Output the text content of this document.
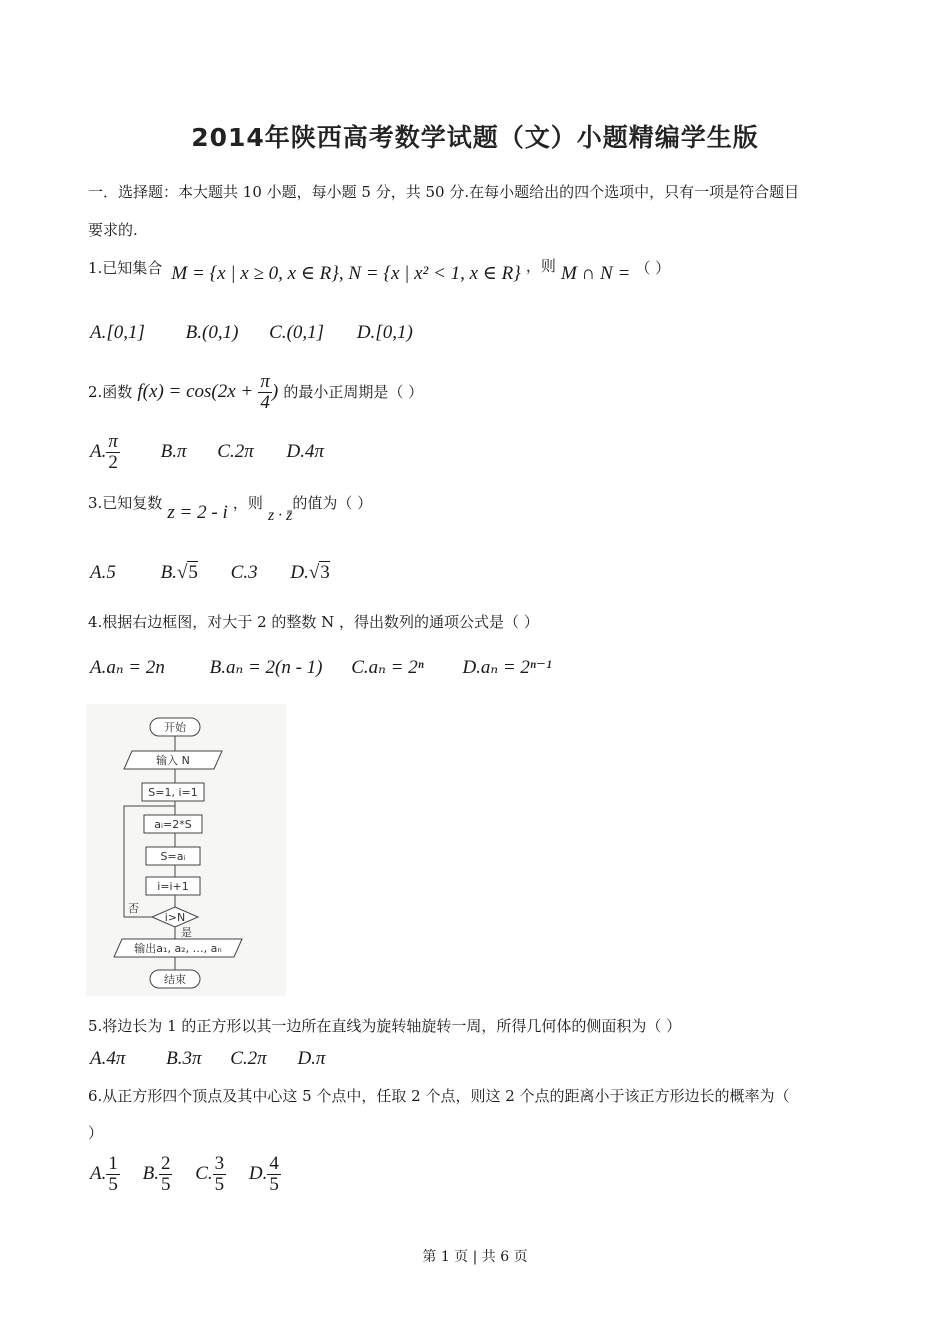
2014年陕西高考数学试题（文）小题精编学生版
一．选择题：本大题共 10 小题，每小题 5 分，共 50 分.在每小题给出的四个选项中，只有一项是符合题目
要求的.
1.已知集合 M = {x | x ≥ 0, x ∈ R}, N = {x | x² < 1, x ∈ R} ，则 M ∩ N = （ ）
A.[0,1] B.(0,1) C.(0,1] D.[0,1)
2.函数 $f(x) = \cos(2x + \frac{\pi}{4}$ ) 的最小正周期是（ ）
A. $\frac{\pi}{2} B.\pi$ C.2π D.4π
3.已知复数 z = 2 - i ，则 z · z̄的值为（ ）
A.5 B.√5 C.3 D.√3
4.根据右边框图，对大于 2 的整数 N ，得出数列的通项公式是（ ）
A.aₙ = 2n B.aₙ = 2(n - 1) C.aₙ = 2ⁿ D.aₙ = 2ⁿ⁻¹
开始
输入 N
S=1, i=1
aᵢ=2*S
S=aᵢ
i=i+1
i>N
否
是
输出a₁, a₂, …, aₙ
结束
5.将边长为 1 的正方形以其一边所在直线为旋转轴旋转一周，所得几何体的侧面积为（ ）
A.4π B.3π C.2π D.π
6.从正方形四个顶点及其中心这 5 个点中，任取 2 个点，则这 2 个点的距离小于该正方形边长的概率为（
）
A. $\frac{1}{5} B$. $\frac{2}{5} C$. $\frac{3}{5} D$. $\frac{4}{5}$
第 1 页 | 共 6 页
